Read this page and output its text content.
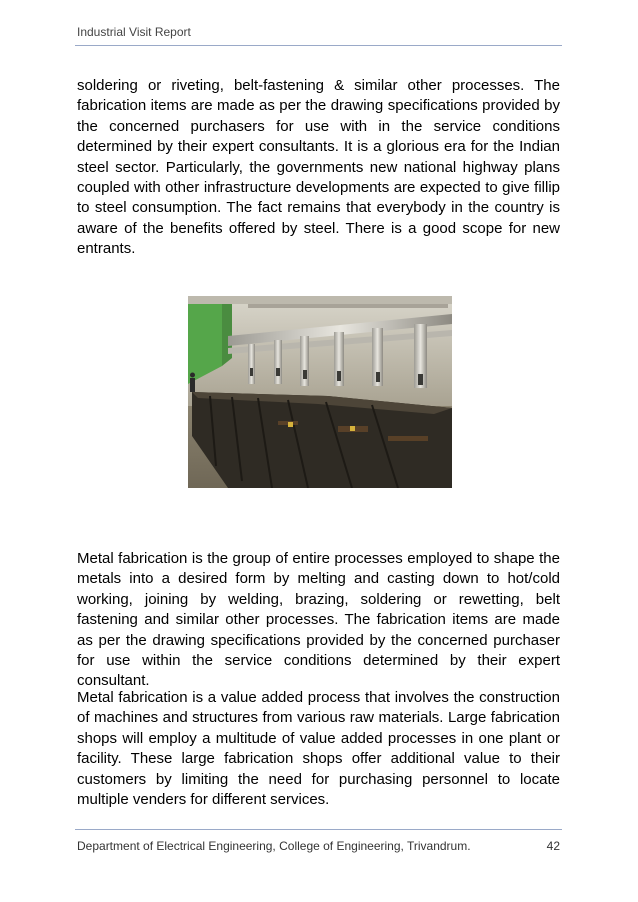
Industrial Visit Report

soldering or riveting, belt-fastening & similar other processes. The fabrication items are made as per the drawing specifications provided by the concerned purchasers for use with in the service conditions determined by their expert consultants. It is a glorious era for the Indian steel sector. Particularly, the governments new national highway plans coupled with other infrastructure developments are expected to give fillip to steel consumption. The fact remains that everybody in the country is aware of the benefits offered by steel. There is a good scope for new entrants.

Metal fabrication is the group of entire processes employed to shape the metals into a desired form by melting and casting down to hot/cold working, joining by welding, brazing, soldering or rewetting, belt fastening and similar other processes. The fabrication items are made as per the drawing specifications provided by the concerned purchaser for use within the service conditions determined by their expert consultant.

Metal fabrication is a value added process that involves the construction of machines and structures from various raw materials. Large fabrication shops will employ a multitude of value added processes in one plant or facility. These large fabrication shops offer additional value to their customers by limiting the need for purchasing personnel to locate multiple venders for different services.

Department of Electrical Engineering, College of Engineering, Trivandrum.	42
